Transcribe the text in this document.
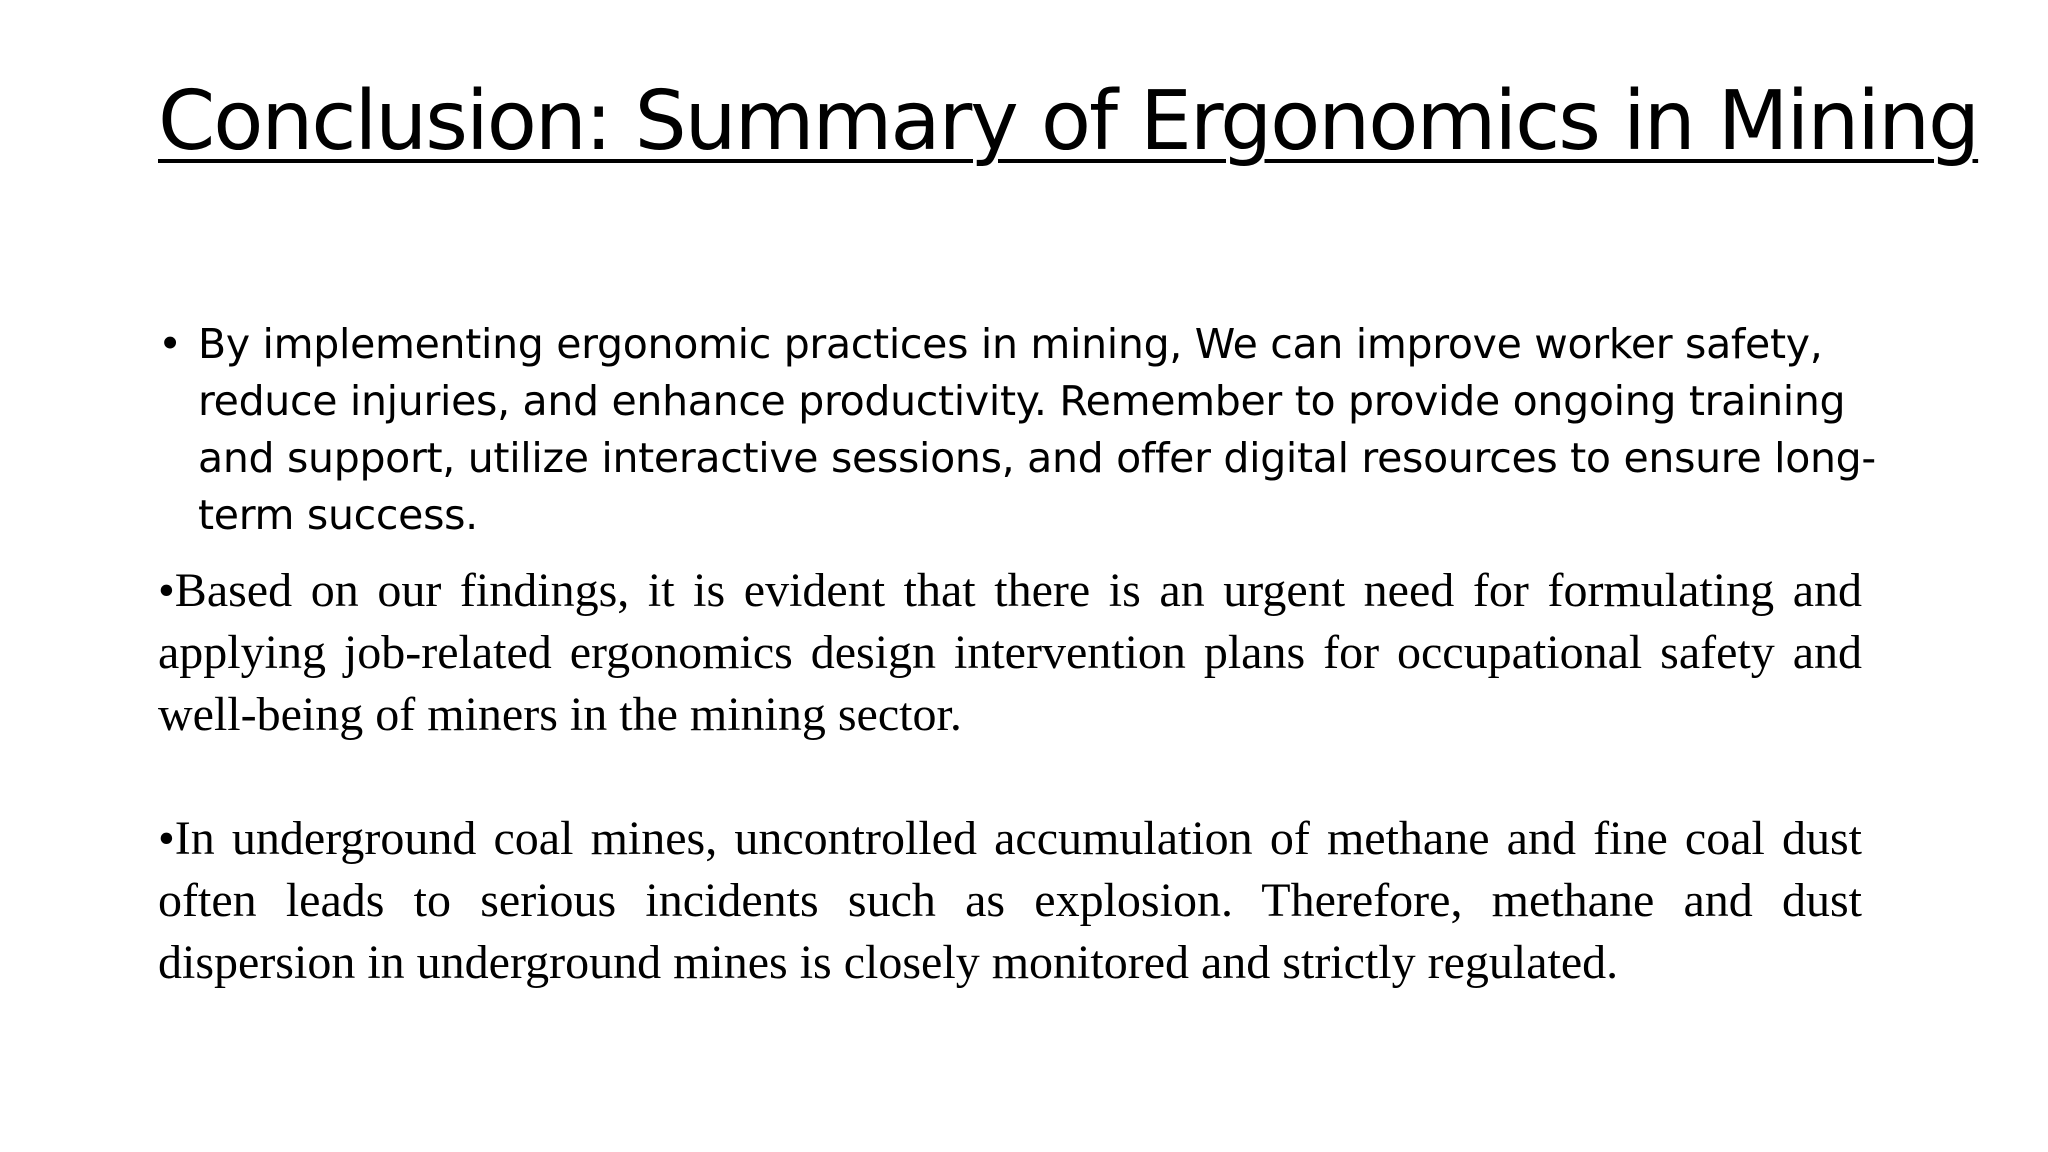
Conclusion: Summary of Ergonomics in Mining
• By implementing ergonomic practices in mining, We can improve worker safety, reduce injuries, and enhance productivity. Remember to provide ongoing training and support, utilize interactive sessions, and offer digital resources to ensure long-term success.

•Based on our findings, it is evident that there is an urgent need for formulating and applying job-related ergonomics design intervention plans for occupational safety and well-being of miners in the mining sector.

•In underground coal mines, uncontrolled accumulation of methane and fine coal dust often leads to serious incidents such as explosion. Therefore, methane and dust dispersion in underground mines is closely monitored and strictly regulated.
